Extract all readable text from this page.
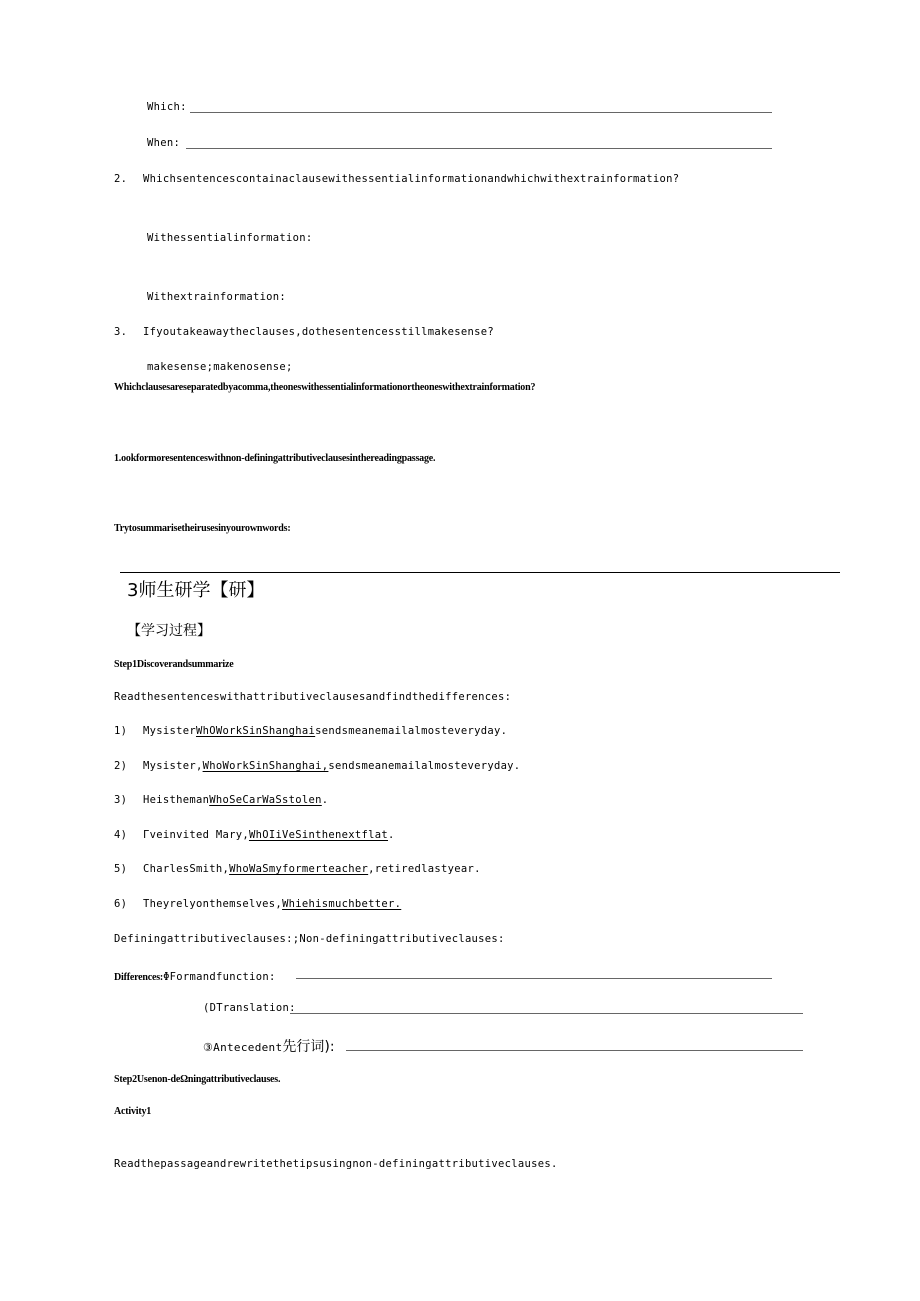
Which:
When:
2. Whichsentencescontainaclausewithessentialinformationandwhichwithextrainformation?
Withessentialinformation:
Withextrainformation:
3. Ifyoutakeawaytheclauses,dothesentencesstillmakesense?
makesense;makenosense;
Whichclausesareseparatedbyacomma,theoneswithessentialinformationortheoneswithextrainformation?
1.ookformoresentenceswithnon-definingattributiveclausesinthereadingpassage.
Trytosummarisetheirusesinyourownwords:
3师生研学【研】
【学习过程】
Step1Discoverandsummarize
Readthesentenceswithattributiveclausesandfindthedifferences:
1) MysisterWhOWorkSinShanghaisendsmeanemailalmosteveryday.
2) Mysister,WhoWorkSinShanghai,sendsmeanemailalmosteveryday.
3) HeisthemanWhoSeCarWaSstolen.
4) Γveinvited Mary,WhOIiVeSinthenextflat.
5) CharlesSmith,WhoWaSmyformerteacher,retiredlastyear.
6) Theyrelyonthemselves,Whiehismuchbetter.
Definingattributiveclauses:;Non-definingattributiveclauses:
Differences:ΦFormandfunction:
(DTranslation:
③Antecedent先行词):
Step2Usenon-deΩningattributiveclauses.
Activity1
Readthepassageandrewritethetipsusingnon-definingattributiveclauses.
